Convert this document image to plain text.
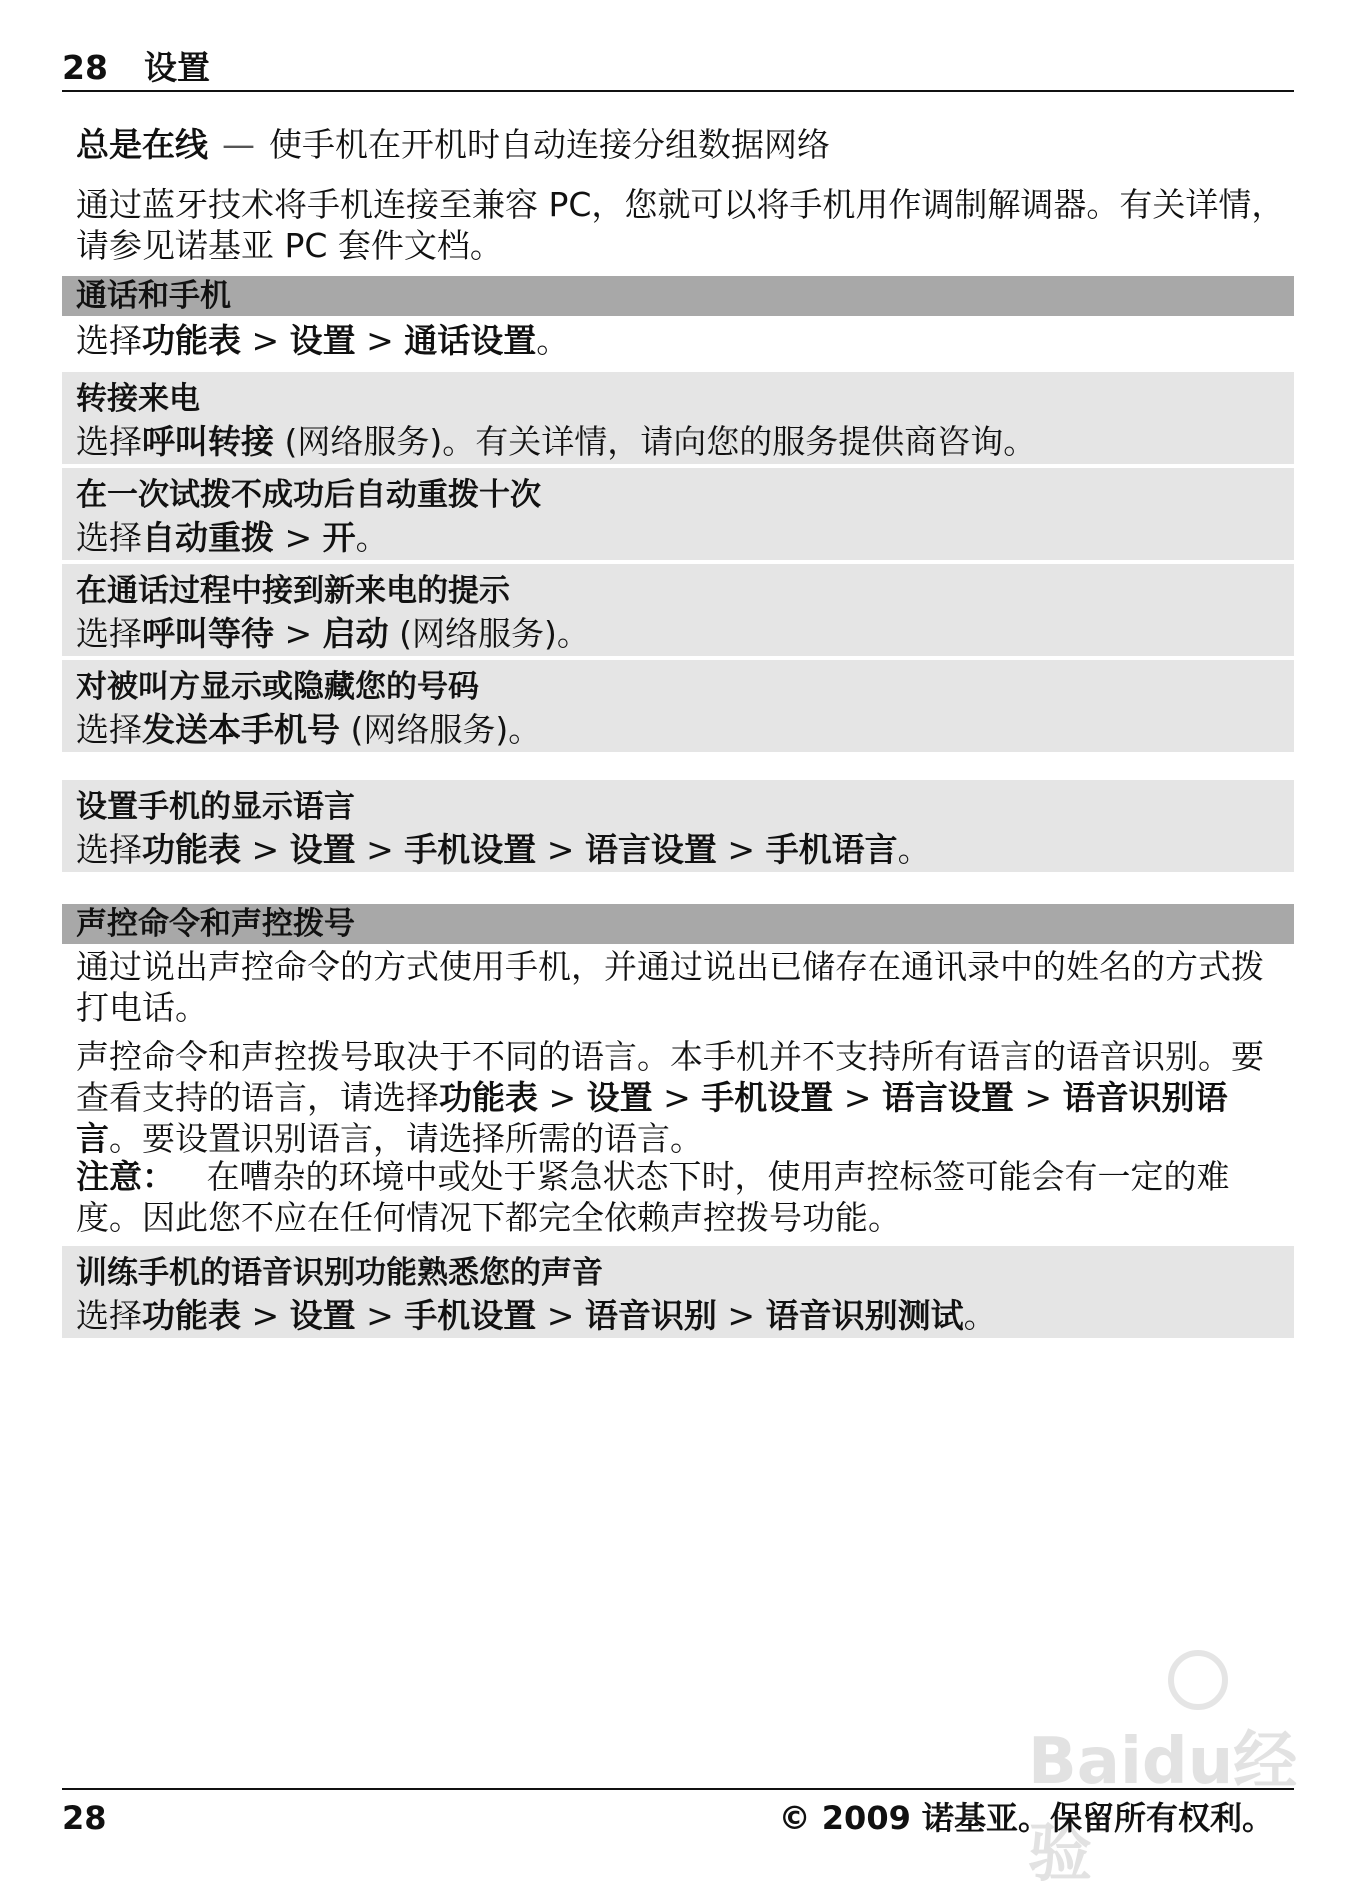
28 设置

总是在线 — 使手机在开机时自动连接分组数据网络

通过蓝牙技术将手机连接至兼容 PC，您就可以将手机用作调制解调器。有关详情，请参见诺基亚 PC 套件文档。

通话和手机

选择功能表 > 设置 > 通话设置。

转接来电
选择呼叫转接 (网络服务)。有关详情，请向您的服务提供商咨询。
在一次试拨不成功后自动重拨十次
选择自动重拨 > 开。
在通话过程中接到新来电的提示
选择呼叫等待 > 启动 (网络服务)。
对被叫方显示或隐藏您的号码
选择发送本手机号 (网络服务)。
设置手机的显示语言
选择功能表 > 设置 > 手机设置 > 语言设置 > 手机语言。
声控命令和声控拨号

通过说出声控命令的方式使用手机，并通过说出已储存在通讯录中的姓名的方式拨打电话。

声控命令和声控拨号取决于不同的语言。本手机并不支持所有语言的语音识别。要查看支持的语言，请选择功能表 > 设置 > 手机设置 > 语言设置 > 语音识别语言。要设置识别语言，请选择所需的语言。

注意： 在嘈杂的环境中或处于紧急状态下时，使用声控标签可能会有一定的难度。因此您不应在任何情况下都完全依赖声控拨号功能。

训练手机的语音识别功能熟悉您的声音
选择功能表 > 设置 > 手机设置 > 语音识别 > 语音识别测试。
Baidu经验
28	© 2009 诺基亚。保留所有权利。
